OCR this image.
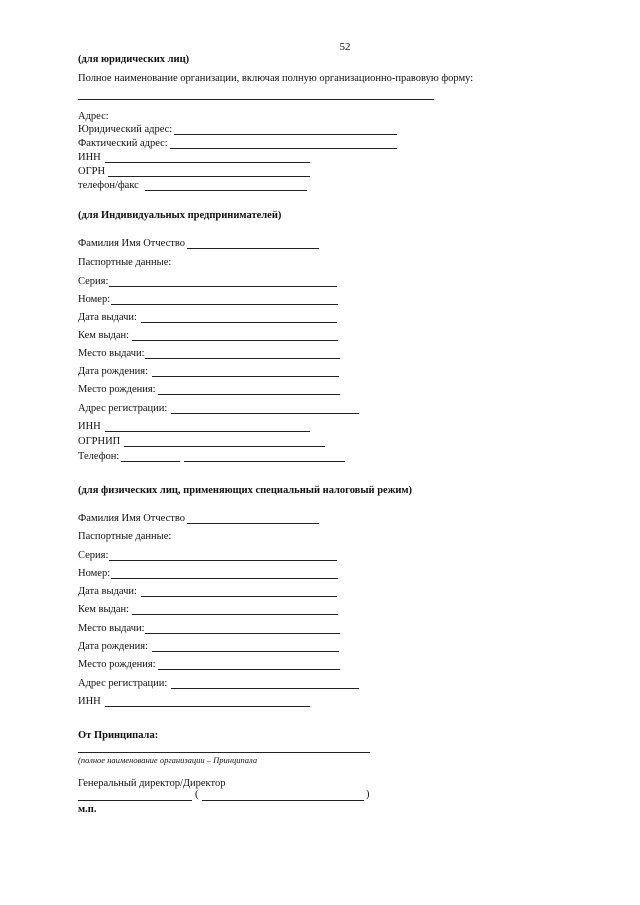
52
(для юридических лиц)
Полное наименование организации, включая полную организационно-правовую форму:
Адрес:
Юридический адрес:
Фактический адрес:
ИНН
ОГРН
телефон/факс
(для Индивидуальных предпринимателей)
Фамилия Имя Отчество
Паспортные данные:
Серия:
Номер:
Дата выдачи:
Кем выдан:
Место выдачи:
Дата рождения:
Место рождения:
Адрес регистрации:
ИНН
ОГРНИП
Телефон:
(для физических лиц, применяющих специальный налоговый режим)
Фамилия Имя Отчество
Паспортные данные:
Серия:
Номер:
Дата выдачи:
Кем выдан:
Место выдачи:
Дата рождения:
Место рождения:
Адрес регистрации:
ИНН
От Принципала:
(полное наименование организации – Принципала
Генеральный директор/Директор
(	)
м.п.
